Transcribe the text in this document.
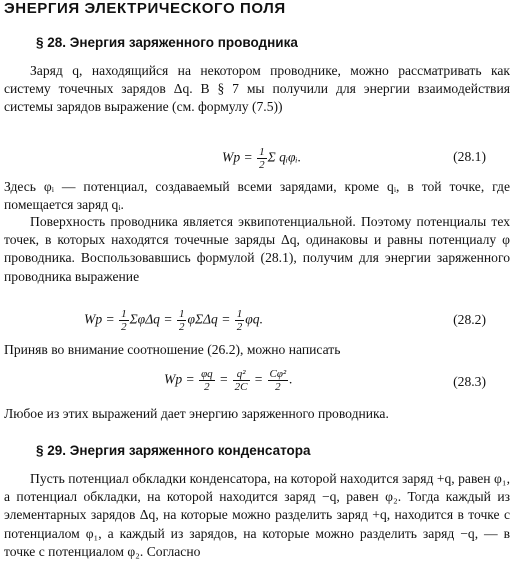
ЭНЕРГИЯ ЭЛЕКТРИЧЕСКОГО ПОЛЯ
§ 28. Энергия заряженного проводника

Заряд q, находящийся на некотором проводнике, можно рассматривать как систему точечных зарядов Δq. В § 7 мы получили для энергии взаимодействия системы зарядов выражение (см. формулу (7.5))

$Wp = \frac{1}{2}$ Σ qᵢφᵢ.	(28.1)

Здесь φᵢ — потенциал, создаваемый всеми зарядами, кроме qᵢ, в той точке, где помещается заряд qᵢ.

Поверхность проводника является эквипотенциальной. Поэтому потенциалы тех точек, в которых находятся точечные заряды Δq, одинаковы и равны потенциалу φ проводника. Воспользовавшись формулой (28.1), получим для энергии заряженного проводника выражение

$Wp = \frac{1}{2}$ $\Sigma\varphi\Delta q = \frac{1}{2}$ $\varphi\Sigma\Delta q = \frac{1}{2} \varphi q$.	(28.2)

Приняв во внимание соотношение (26.2), можно написать

$Wp = \frac{\varphi q}{2} = \frac{\text{q²}}{2C} = \frac{\text{Cφ²}}{2}$ .	(28.3)

Любое из этих выражений дает энергию заряженного проводника.

§ 29. Энергия заряженного конденсатора

Пусть потенциал обкладки конденсатора, на которой находится заряд +q, равен φ₁, а потенциал обкладки, на которой находится заряд −q, равен φ₂. Тогда каждый из элементарных зарядов Δq, на которые можно разделить заряд +q, находится в точке с потенциалом φ₁, а каждый из зарядов, на которые можно разделить заряд −q, — в точке с потенциалом φ₂. Согласно
